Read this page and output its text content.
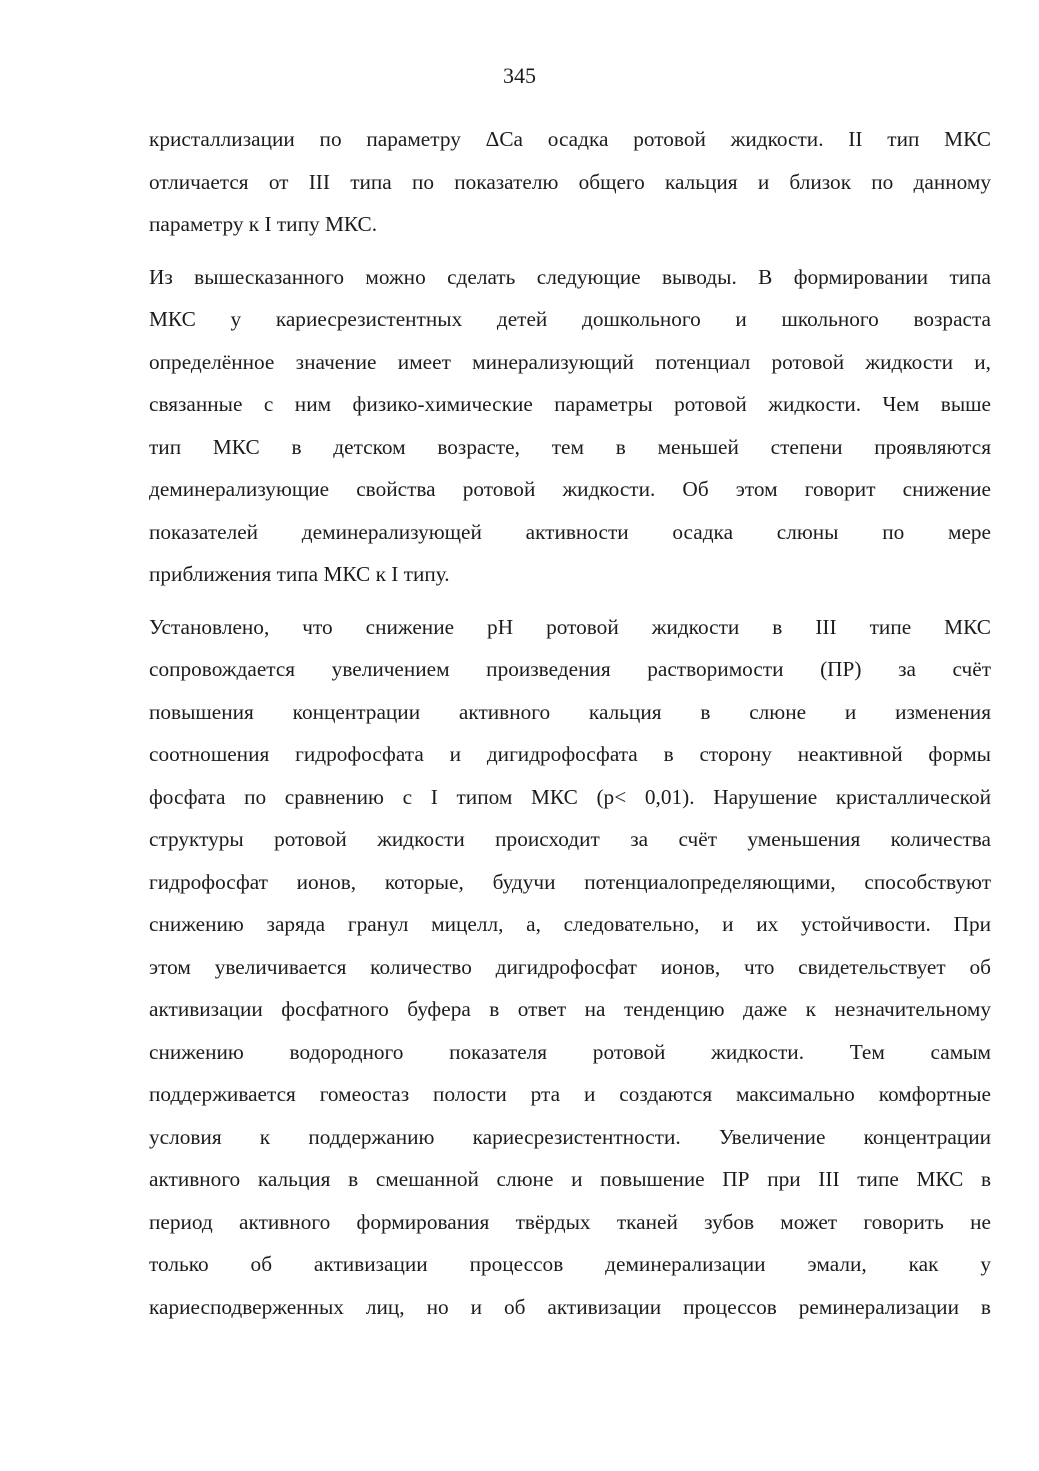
345
кристаллизации по параметру ΔCa осадка ротовой жидкости. II тип МКС
отличается от III типа по показателю общего кальция и близок по данному
параметру к I типу МКС.
Из вышесказанного можно сделать следующие выводы. В формировании типа
МКС у кариесрезистентных детей дошкольного и школьного возраста
определённое значение имеет минерализующий потенциал ротовой жидкости и,
связанные с ним физико-химические параметры ротовой жидкости. Чем выше
тип МКС в детском возрасте, тем в меньшей степени проявляются
деминерализующие свойства ротовой жидкости. Об этом говорит снижение
показателей деминерализующей активности осадка слюны по мере
приближения типа МКС к I типу.
Установлено, что снижение pH ротовой жидкости в III типе МКС
сопровождается увеличением произведения растворимости (ПР) за счёт
повышения концентрации активного кальция в слюне и изменения
соотношения гидрофосфата и дигидрофосфата в сторону неактивной формы
фосфата по сравнению с I типом МКС (р< 0,01). Нарушение кристаллической
структуры ротовой жидкости происходит за счёт уменьшения количества
гидрофосфат ионов, которые, будучи потенциалопределяющими, способствуют
снижению заряда гранул мицелл, а, следовательно, и их устойчивости. При
этом увеличивается количество дигидрофосфат ионов, что свидетельствует об
активизации фосфатного буфера в ответ на тенденцию даже к незначительному
снижению водородного показателя ротовой жидкости. Тем самым
поддерживается гомеостаз полости рта и создаются максимально комфортные
условия к поддержанию кариесрезистентности. Увеличение концентрации
активного кальция в смешанной слюне и повышение ПР при III типе МКС в
период активного формирования твёрдых тканей зубов может говорить не
только об активизации процессов деминерализации эмали, как у
кариесподверженных лиц, но и об активизации процессов реминерализации в
